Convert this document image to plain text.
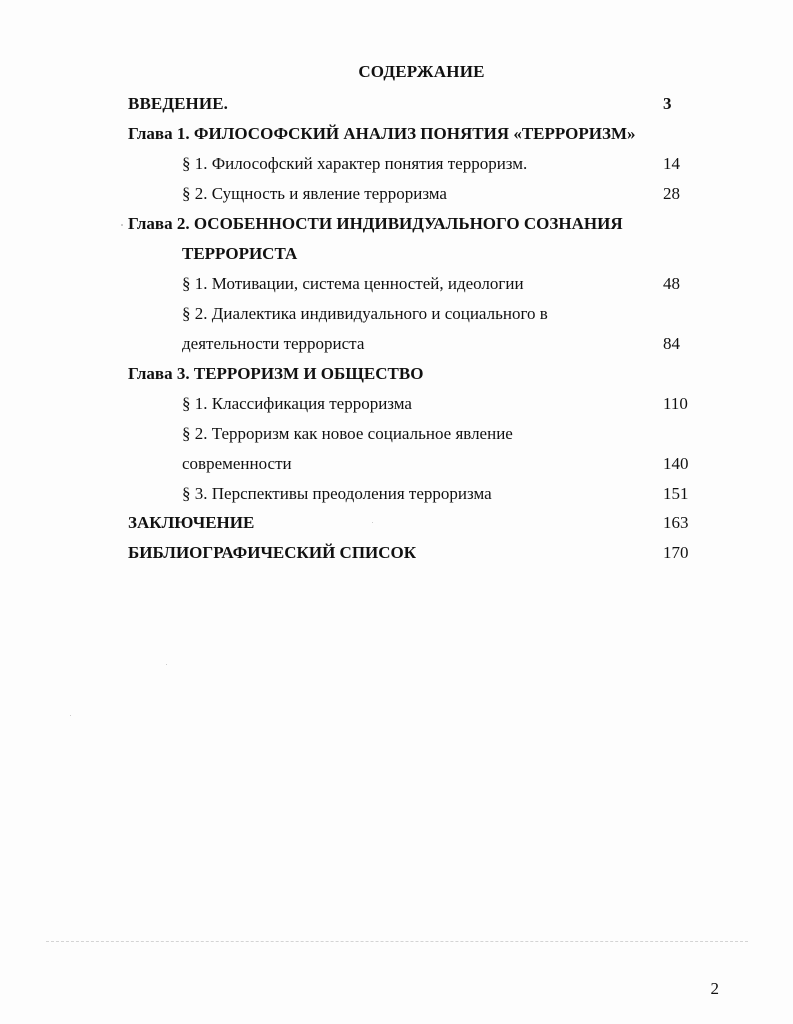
СОДЕРЖАНИЕ
ВВЕДЕНИЕ.	3
Глава 1. ФИЛОСОФСКИЙ АНАЛИЗ ПОНЯТИЯ «ТЕРРОРИЗМ»
§ 1. Философский характер понятия терроризм.	14
§ 2. Сущность и явление терроризма	28
Глава 2. ОСОБЕННОСТИ ИНДИВИДУАЛЬНОГО СОЗНАНИЯ
ТЕРРОРИСТА
§ 1. Мотивации, система ценностей, идеологии	48
§ 2. Диалектика индивидуального и социального в
деятельности террориста	84
Глава 3. ТЕРРОРИЗМ И ОБЩЕСТВО
§ 1. Классификация терроризма	110
§ 2. Терроризм как новое социальное явление
современности	140
§ 3. Перспективы преодоления терроризма	151
ЗАКЛЮЧЕНИЕ	163
БИБЛИОГРАФИЧЕСКИЙ СПИСОК	170
2
